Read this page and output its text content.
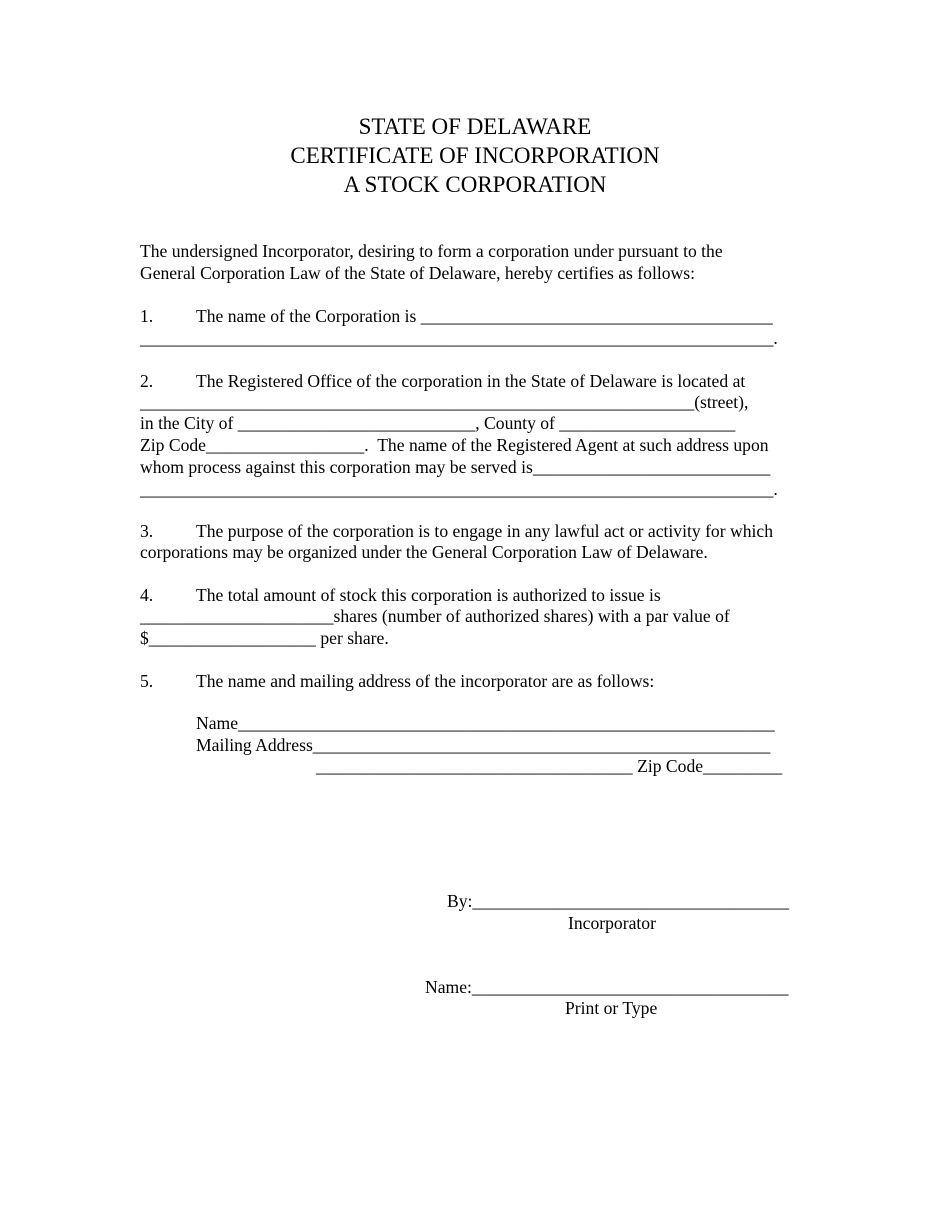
STATE OF DELAWARE
CERTIFICATE OF INCORPORATION
A STOCK CORPORATION
The undersigned Incorporator, desiring to form a corporation under pursuant to the
General Corporation Law of the State of Delaware, hereby certifies as follows:
1. The name of the Corporation is ________________________________________
________________________________________________________________________.
2. The Registered Office of the corporation in the State of Delaware is located at
_______________________________________________________________(street),
in the City of ___________________________, County of ____________________
Zip Code__________________.  The name of the Registered Agent at such address upon
whom process against this corporation may be served is___________________________
________________________________________________________________________.
3. The purpose of the corporation is to engage in any lawful act or activity for which
corporations may be organized under the General Corporation Law of Delaware.
4. The total amount of stock this corporation is authorized to issue is
______________________shares (number of authorized shares) with a par value of
$___________________ per share.
5. The name and mailing address of the incorporator are as follows:
Name_____________________________________________________________
Mailing Address____________________________________________________
____________________________________ Zip Code_________
By:____________________________________
Incorporator
Name:____________________________________
Print or Type
